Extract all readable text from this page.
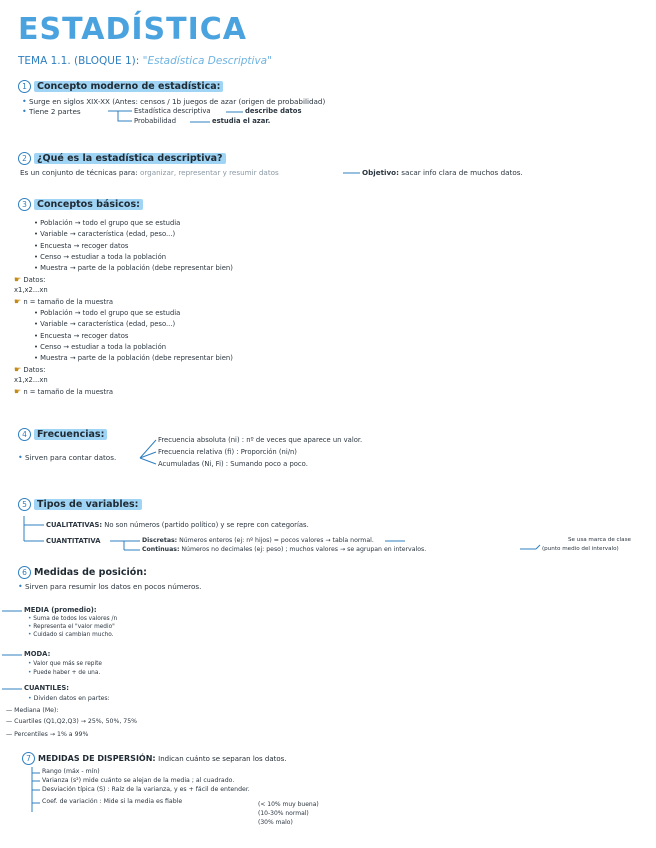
ESTADÍSTICA
TEMA 1.1. (BLOQUE 1): "Estadística Descriptiva"
1 Concepto moderno de estadística:
• Surge en siglos XIX-XX (Antes: censos / 1b juegos de azar (origen de probabilidad)
• Tiene 2 partes	Estadística descriptiva	describe datos
Probabilidad	estudia el azar.
2 ¿Qué es la estadística descriptiva?
Es un conjunto de técnicas para: organizar, representar y resumir datos	Objetivo: sacar info clara de muchos datos.
3 Conceptos básicos:
• Población → todo el grupo que se estudia
• Variable → característica (edad, peso...)
• Encuesta → recoger datos
• Censo → estudiar a toda la población
• Muestra → parte de la población (debe representar bien)
☛ Datos:
x1,x2...xn
☛ n = tamaño de la muestra
• Población → todo el grupo que se estudia
• Variable → característica (edad, peso...)
• Encuesta → recoger datos
• Censo → estudiar a toda la población
• Muestra → parte de la población (debe representar bien)
☛ Datos:
x1,x2...xn
☛ n = tamaño de la muestra
4 Frecuencias:
• Sirven para contar datos.
Frecuencia absoluta (ni) : nº de veces que aparece un valor.
Frecuencia relativa (fi) : Proporción (ni/n)
Acumuladas (Ni, Fi) : Sumando poco a poco.
5 Tipos de variables:
CUALITATIVAS: No son números (partido político) y se repre con categorías.
CUANTITATIVA	Discretas: Números enteros (ej: nº hijos) = pocos valores → tabla normal.
Continuas: Números no decimales (ej: peso) ; muchos valores → se agrupan en intervalos.
Se usa marca de clase
(punto medio del intervalo)
6 Medidas de posición:
• Sirven para resumir los datos en pocos números.
MEDIA (promedio):
• Suma de todos los valores /n
• Representa el "valor medio"
• Cuidado si cambian mucho.
MODA:
• Valor que más se repite
• Puede haber + de una.
CUANTILES:
• Dividen datos en partes:
— Mediana (Me):
— Cuartiles (Q1,Q2,Q3) → 25%, 50%, 75%
— Percentiles → 1% a 99%
7 MEDIDAS DE DISPERSIÓN: Indican cuánto se separan los datos.
Rango (máx - mín)
Varianza (s²) mide cuánto se alejan de la media ; al cuadrado.
Desviación típica (S) : Raíz de la varianza, y es + fácil de entender.
Coef. de variación : Mide si la media es fiable	(< 10% muy buena)
(10-30% normal)
(30% malo)
